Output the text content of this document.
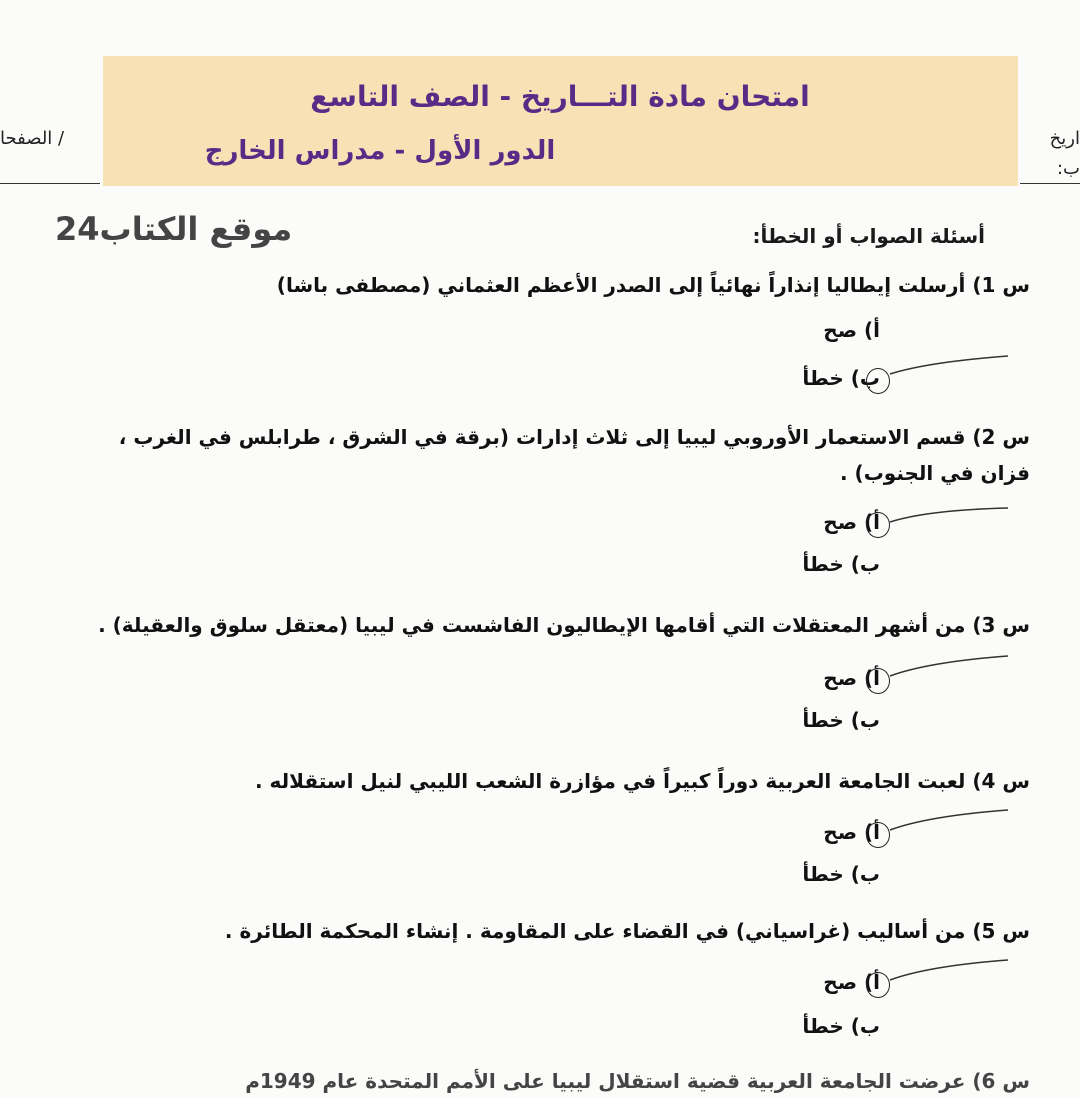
امتحان مادة التـــاريخ - الصف التاسع
الدور الأول - مدراس الخارج	اريخ
ب:
/ الصفحا
موقع الكتاب24	أسئلة الصواب أو الخطأ:
س 1) أرسلت إيطاليا إنذاراً نهائياً إلى الصدر الأعظم العثماني (مصطفى باشا)
أ) صح
ب) خطأ
س 2) قسم الاستعمار الأوروبي ليبيا إلى ثلاث إدارات (برقة في الشرق ، طرابلس في الغرب ،
فزان في الجنوب) .
أ) صح
ب) خطأ
س 3) من أشهر المعتقلات التي أقامها الإيطاليون الفاشست في ليبيا (معتقل سلوق والعقيلة) .
أ) صح
ب) خطأ
س 4) لعبت الجامعة العربية دوراً كبيراً في مؤازرة الشعب الليبي لنيل استقلاله .
أ) صح
ب) خطأ
س 5) من أساليب (غراسياني) في القضاء على المقاومة . إنشاء المحكمة الطائرة .
أ) صح
ب) خطأ
س 6) عرضت الجامعة العربية قضية استقلال ليبيا على الأمم المتحدة عام 1949م
